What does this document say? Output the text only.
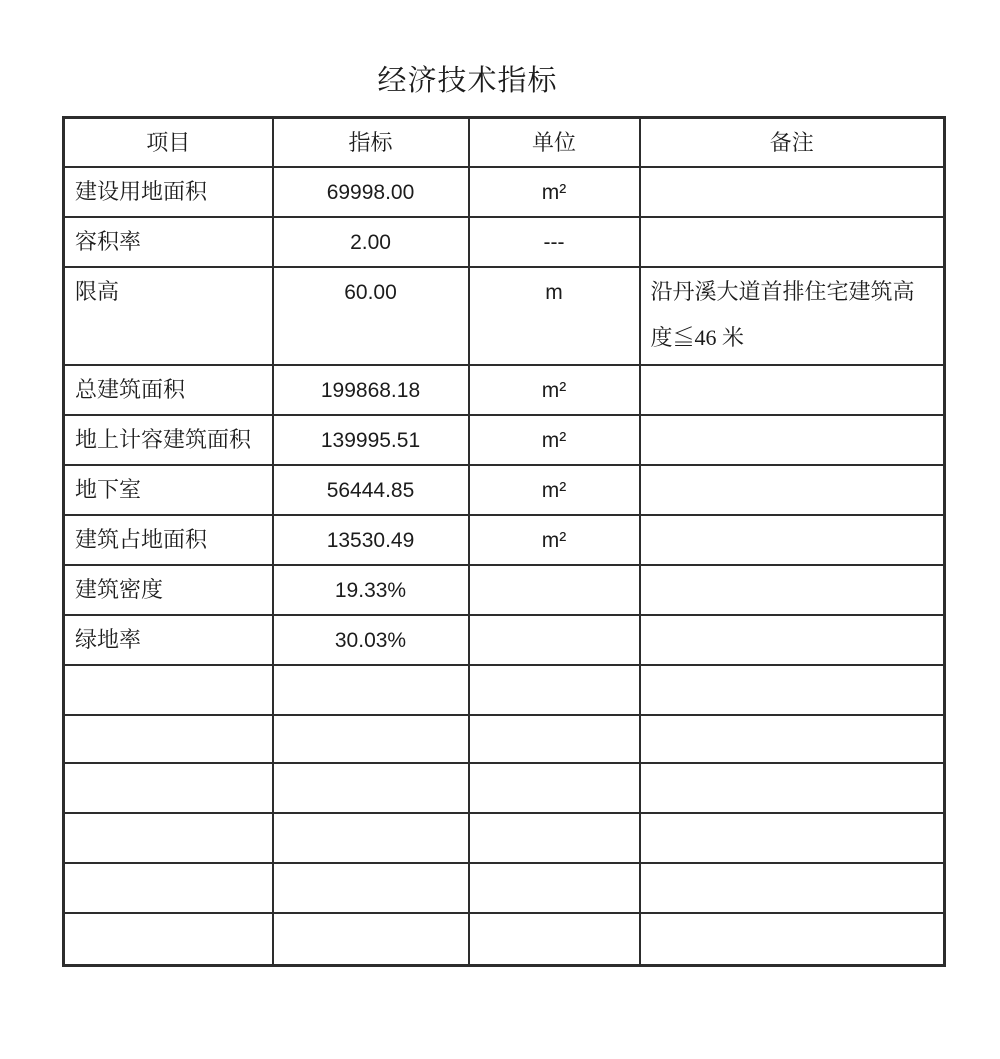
经济技术指标
项目	指标	单位	备注
建设用地面积	69998.00	m²	
容积率	2.00	---	
限高	60.00	m	沿丹溪大道首排住宅建筑高度≦46 米
总建筑面积	199868.18	m²	
地上计容建筑面积	139995.51	m²	
地下室	56444.85	m²	
建筑占地面积	13530.49	m²	
建筑密度	19.33%		
绿地率	30.03%		
